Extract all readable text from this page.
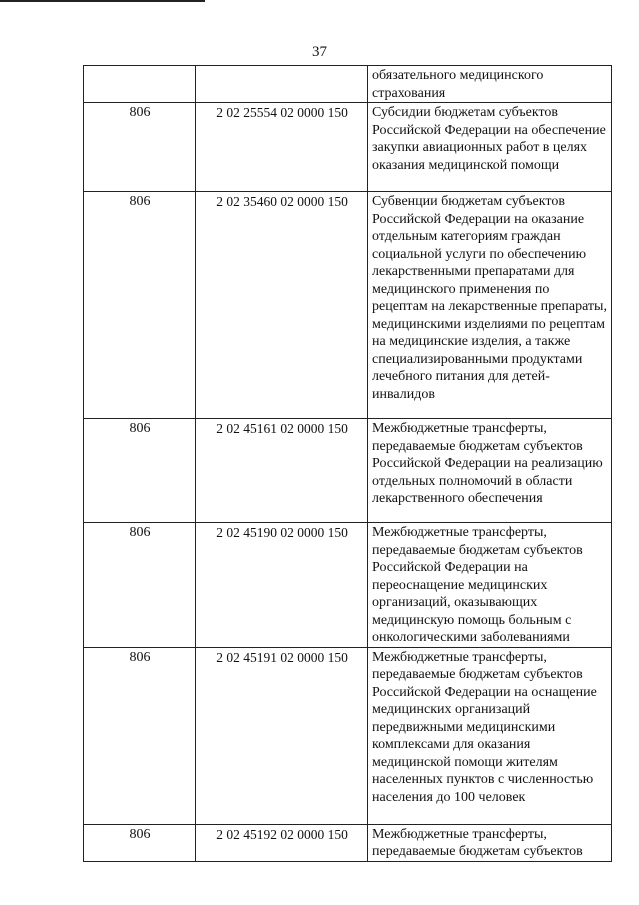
37
		обязательного медицинского страхования
806	2 02 25554 02 0000 150	Субсидии бюджетам субъектов Российской Федерации на обеспечение закупки авиационных работ в целях оказания медицинской помощи
806	2 02 35460 02 0000 150	Субвенции бюджетам субъектов Российской Федерации на оказание отдельным категориям граждан социальной услуги по обеспечению лекарственными препаратами для медицинского применения по рецептам на лекарственные препараты, медицинскими изделиями по рецептам на медицинские изделия, а также специализированными продуктами лечебного питания для детей-инвалидов
806	2 02 45161 02 0000 150	Межбюджетные трансферты, передаваемые бюджетам субъектов Российской Федерации на реализацию отдельных полномочий в области лекарственного обеспечения
806	2 02 45190 02 0000 150	Межбюджетные трансферты, передаваемые бюджетам субъектов Российской Федерации на переоснащение медицинских организаций, оказывающих медицинскую помощь больным с онкологическими заболеваниями
806	2 02 45191 02 0000 150	Межбюджетные трансферты, передаваемые бюджетам субъектов Российской Федерации на оснащение медицинских организаций передвижными медицинскими комплексами для оказания медицинской помощи жителям населенных пунктов с численностью населения до 100 человек
806	2 02 45192 02 0000 150	Межбюджетные трансферты, передаваемые бюджетам субъектов
